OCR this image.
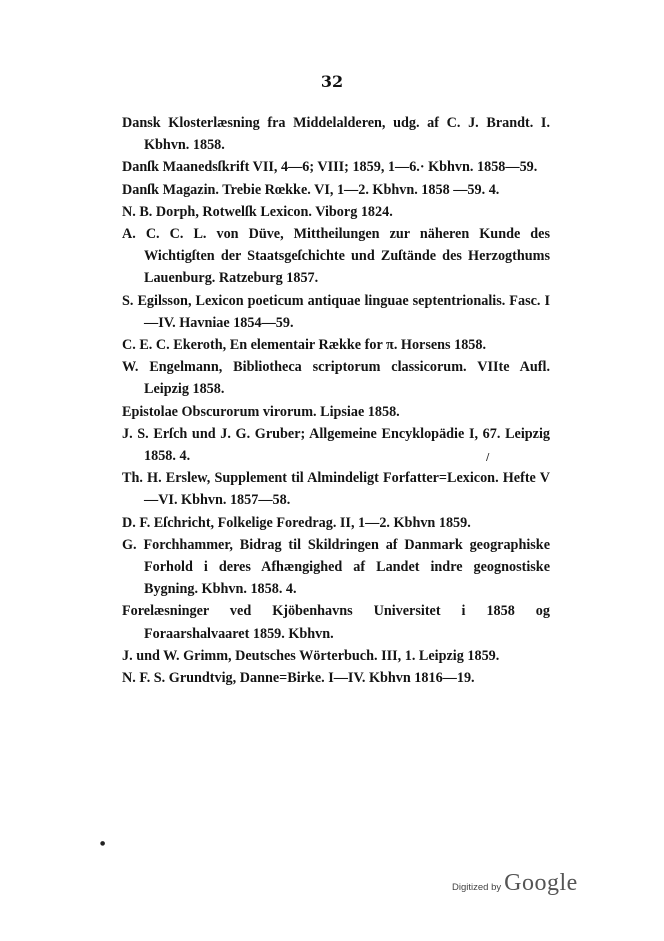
32
Dansk Klosterlæsning fra Middelalderen, udg. af C. J. Brandt. I. Kbhvn. 1858.
Danſk Maanedsſkrift VII, 4—6; VIII; 1859, 1—6.· Kbhvn. 1858—59.
Danſk Magazin. Trebie Rœkke. VI, 1—2. Kbhvn. 1858 —59. 4.
N. B. Dorph, Rotwelſk Lexicon. Viborg 1824.
A. C. C. L. von Düve, Mittheilungen zur näheren Kunde des Wichtigſten der Staatsgeſchichte und Zuſtände des Herzogthums Lauenburg. Ratzeburg 1857.
S. Egilsson, Lexicon poeticum antiquae linguae septentrionalis. Fasc. I—IV. Havniae 1854—59.
C. E. C. Ekeroth, En elementair Række for π. Horsens 1858.
W. Engelmann, Bibliotheca scriptorum classicorum. VIIte Aufl. Leipzig 1858.
Epistolae Obscurorum virorum. Lipsiae 1858.
J. S. Erſch und J. G. Gruber; Allgemeine Encyklopädie I, 67. Leipzig 1858. 4.
Th. H. Erslew, Supplement til Almindeligt Forfatter=Lexicon. Hefte V—VI. Kbhvn. 1857—58.
D. F. Eſchricht, Folkelige Foredrag. II, 1—2. Kbhvn 1859.
G. Forchhammer, Bidrag til Skildringen af Danmark geographiske Forhold i deres Afhængighed af Landet indre geognostiske Bygning. Kbhvn. 1858. 4.
Forelæsninger ved Kjöbenhavns Universitet i 1858 og Foraarshalvaaret 1859. Kbhvn.
J. und W. Grimm, Deutsches Wörterbuch. III, 1. Leipzig 1859.
N. F. S. Grundtvig, Danne=Birke. I—IV. Kbhvn 1816—19.
/
●
Digitized by Google
